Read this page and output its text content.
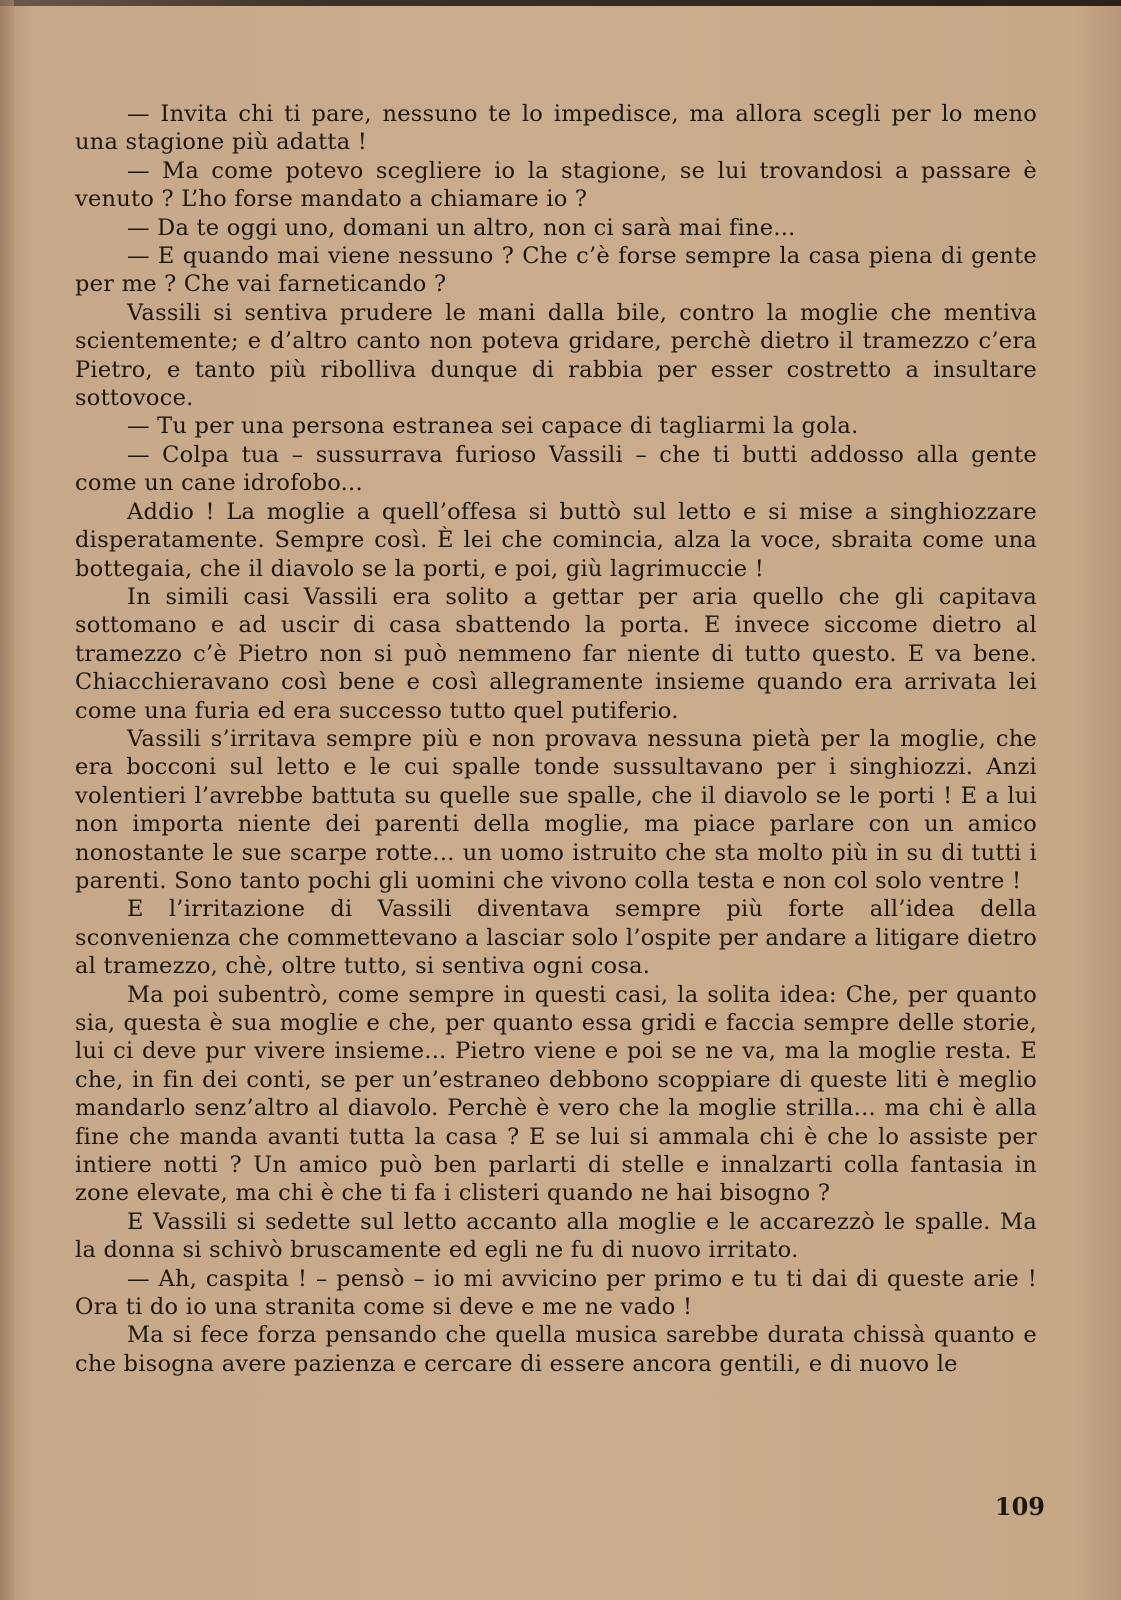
— Invita chi ti pare, nessuno te lo impedisce, ma allora scegli per lo meno una stagione più adatta !

— Ma come potevo scegliere io la stagione, se lui trovandosi a passare è venuto ? L’ho forse mandato a chiamare io ?

— Da te oggi uno, domani un altro, non ci sarà mai fine...

— E quando mai viene nessuno ? Che c’è forse sempre la casa piena di gente per me ? Che vai farneticando ?

Vassili si sentiva prudere le mani dalla bile, contro la moglie che mentiva scientemente; e d’altro canto non poteva gridare, perchè dietro il tramezzo c’era Pietro, e tanto più ribolliva dunque di rabbia per esser costretto a insultare sottovoce.

— Tu per una persona estranea sei capace di tagliarmi la gola.

— Colpa tua – sussurrava furioso Vassili – che ti butti addosso alla gente come un cane idrofobo...

Addio ! La moglie a quell’offesa si buttò sul letto e si mise a singhiozzare disperatamente. Sempre così. È lei che comincia, alza la voce, sbraita come una bottegaia, che il diavolo se la porti, e poi, giù lagrimuccie !

In simili casi Vassili era solito a gettar per aria quello che gli capitava sottomano e ad uscir di casa sbattendo la porta. E invece siccome dietro al tramezzo c’è Pietro non si può nemmeno far niente di tutto questo. E va bene. Chiacchieravano così bene e così allegramente insieme quando era arrivata lei come una furia ed era successo tutto quel putiferio.

Vassili s’irritava sempre più e non provava nessuna pietà per la moglie, che era bocconi sul letto e le cui spalle tonde sussultavano per i singhiozzi. Anzi volentieri l’avrebbe battuta su quelle sue spalle, che il diavolo se le porti ! E a lui non importa niente dei parenti della moglie, ma piace parlare con un amico nonostante le sue scarpe rotte... un uomo istruito che sta molto più in su di tutti i parenti. Sono tanto pochi gli uomini che vivono colla testa e non col solo ventre !

E l’irritazione di Vassili diventava sempre più forte all’idea della sconvenienza che commettevano a lasciar solo l’ospite per andare a litigare dietro al tramezzo, chè, oltre tutto, si sentiva ogni cosa.

Ma poi subentrò, come sempre in questi casi, la solita idea: Che, per quanto sia, questa è sua moglie e che, per quanto essa gridi e faccia sempre delle storie, lui ci deve pur vivere insieme... Pietro viene e poi se ne va, ma la moglie resta. E che, in fin dei conti, se per un’estraneo debbono scoppiare di queste liti è meglio mandarlo senz’altro al diavolo. Perchè è vero che la moglie strilla... ma chi è alla fine che manda avanti tutta la casa ? E se lui si ammala chi è che lo assiste per intiere notti ? Un amico può ben parlarti di stelle e innalzarti colla fantasia in zone elevate, ma chi è che ti fa i clisteri quando ne hai bisogno ?

E Vassili si sedette sul letto accanto alla moglie e le accarezzò le spalle. Ma la donna si schivò bruscamente ed egli ne fu di nuovo irritato.

— Ah, caspita ! – pensò – io mi avvicino per primo e tu ti dai di queste arie ! Ora ti do io una stranita come si deve e me ne vado !

Ma si fece forza pensando che quella musica sarebbe durata chissà quanto e che bisogna avere pazienza e cercare di essere ancora gentili, e di nuovo le

109
